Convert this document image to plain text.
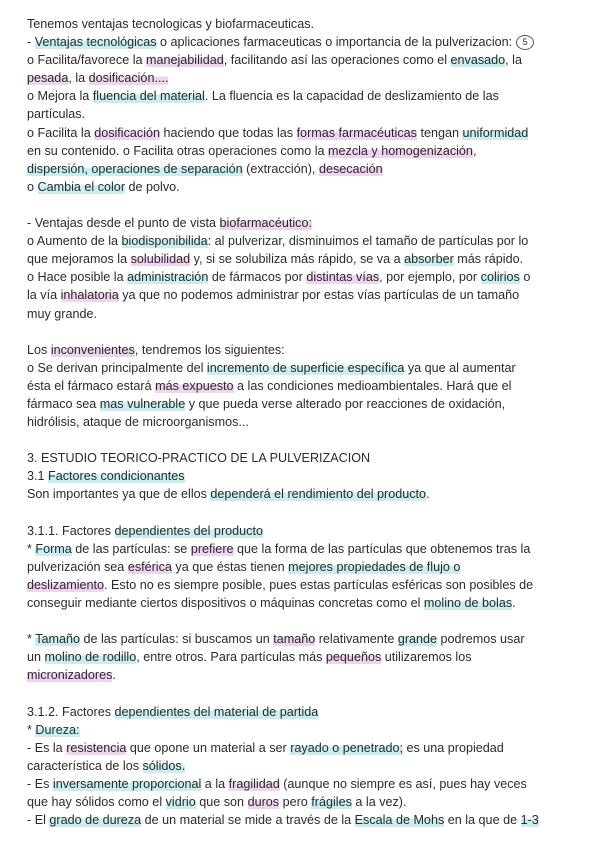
Tenemos ventajas tecnologicas y biofarmaceuticas.
- Ventajas tecnológicas o aplicaciones farmaceuticas o importancia de la pulverizacion: 5
o Facilita/favorece la manejabilidad, facilitando así las operaciones como el envasado, la
pesada, la dosificación....
o Mejora la fluencia del material. La fluencia es la capacidad de deslizamiento de las
partículas.
o Facilita la dosificación haciendo que todas las formas farmacéuticas tengan uniformidad
en su contenido. o Facilita otras operaciones como la mezcla y homogenización,
dispersión, operaciones de separación (extracción), desecación
o Cambia el color de polvo.
- Ventajas desde el punto de vista biofarmacéutico:
o Aumento de la biodisponibilida: al pulverizar, disminuimos el tamaño de partículas por lo
que mejoramos la solubilidad y, si se solubiliza más rápido, se va a absorber más rápido.
o Hace posible la administración de fármacos por distintas vías, por ejemplo, por colirios o
la vía inhalatoria ya que no podemos administrar por estas vías partículas de un tamaño
muy grande.
Los inconvenientes, tendremos los siguientes:
o Se derivan principalmente del incremento de superficie específica ya que al aumentar
ésta el fármaco estará más expuesto a las condiciones medioambientales. Hará que el
fármaco sea mas vulnerable y que pueda verse alterado por reacciones de oxidación,
hidrólisis, ataque de microorganismos...
3. ESTUDIO TEORICO-PRACTICO DE LA PULVERIZACION
3.1 Factores condicionantes
Son importantes ya que de ellos dependerá el rendimiento del producto.
3.1.1. Factores dependientes del producto
* Forma de las partículas: se prefiere que la forma de las partículas que obtenemos tras la
pulverización sea esférica ya que éstas tienen mejores propiedades de flujo o
deslizamiento. Esto no es siempre posible, pues estas partículas esféricas son posibles de
conseguir mediante ciertos dispositivos o máquinas concretas como el molino de bolas.
* Tamaño de las partículas: si buscamos un tamaño relativamente grande podremos usar
un molino de rodillo, entre otros. Para partículas más pequeños utilizaremos los
micronizadores.
3.1.2. Factores dependientes del material de partida
* Dureza:
- Es la resistencia que opone un material a ser rayado o penetrado; es una propiedad
característica de los sólidos.
- Es inversamente proporcional a la fragilidad (aunque no siempre es así, pues hay veces
que hay sólidos como el vidrio que son duros pero frágiles a la vez).
- El grado de dureza de un material se mide a través de la Escala de Mohs en la que de 1-3
